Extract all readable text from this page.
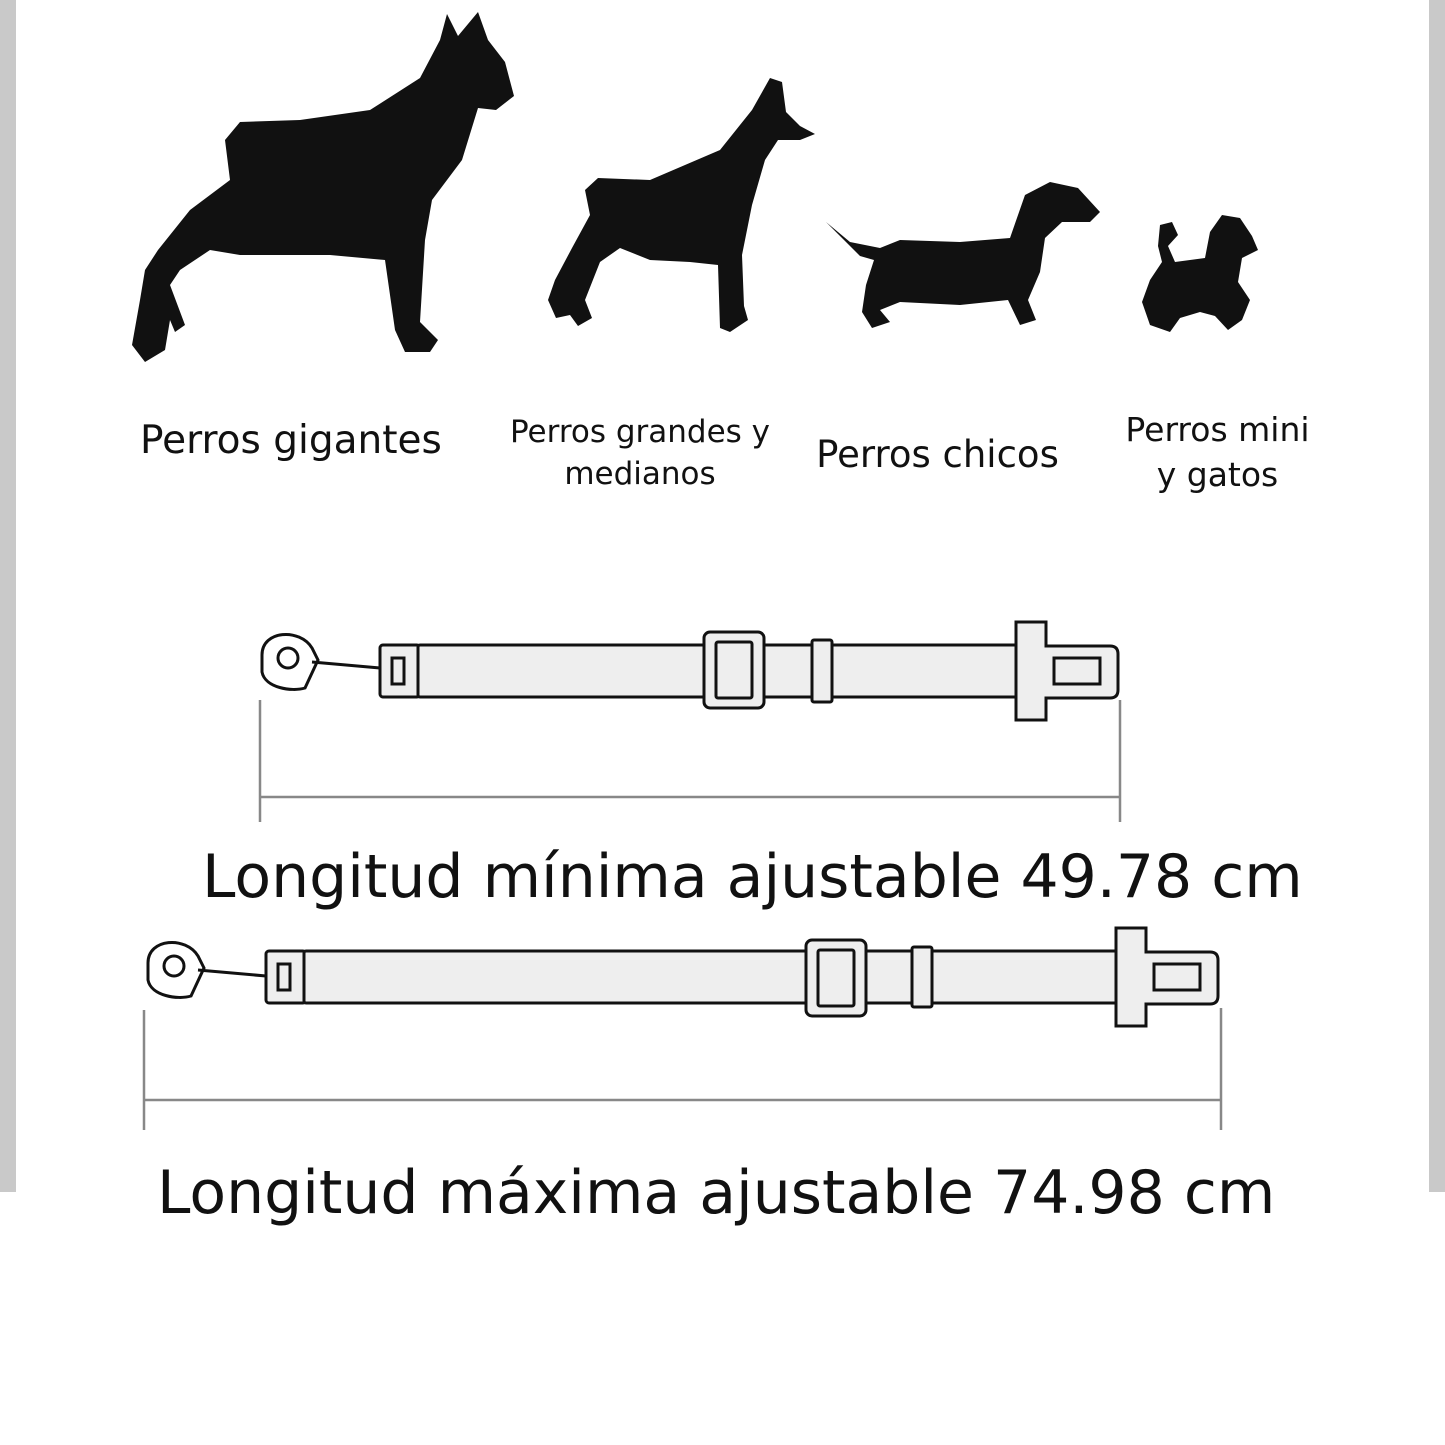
Perros gigantes	Perros grandes y
medianos	Perros chicos
Perros mini
y gatos
Longitud mínima ajustable 49.78 cm
Longitud máxima ajustable 74.98 cm
